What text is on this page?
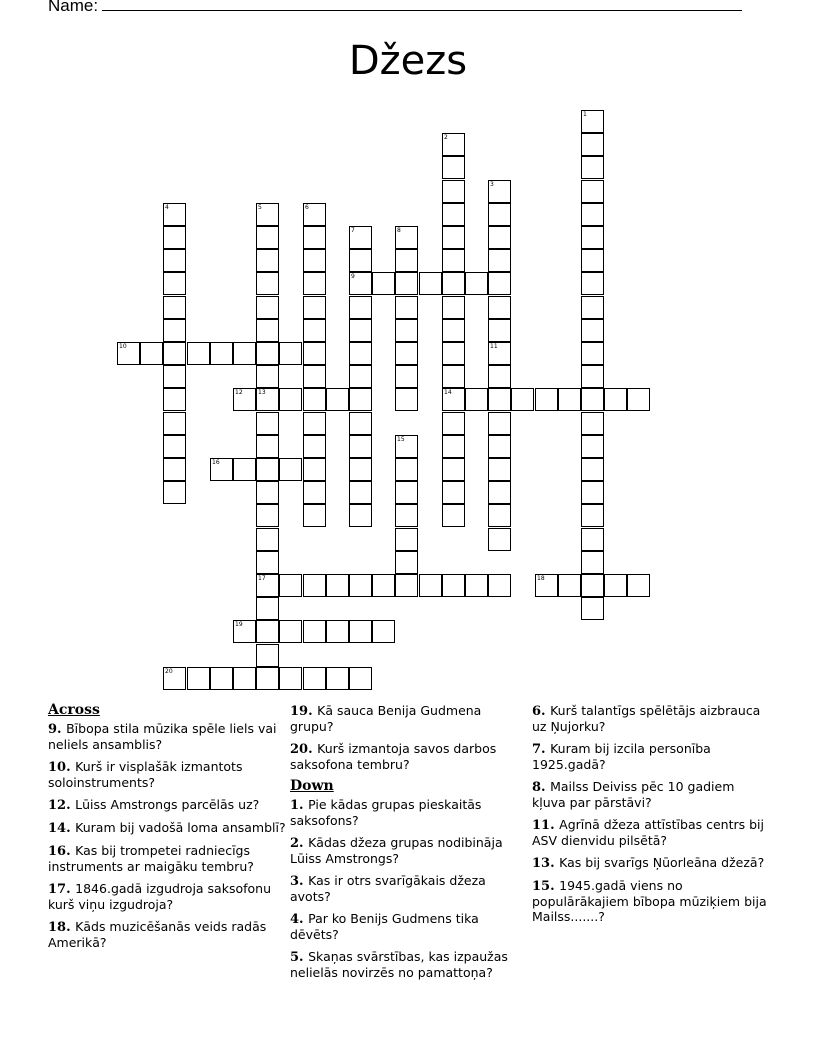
Name:
Džezs
1
2
14
3
11
4	5	6
7
9
8
10
12	13
17
15
16
18
19
20
Across

9. Bībopa stila mūzika spēle liels vai neliels ansamblis?

10. Kurš ir visplašāk izmantots soloinstruments?

12. Lūiss Amstrongs parcēlās uz?

14. Kuram bij vadošā loma ansamblī?

16. Kas bij trompetei radniecīgs instruments ar maigāku tembru?

17. 1846.gadā izgudroja saksofonu kurš viņu izgudroja?

18. Kāds muzicēšanās veids radās Amerikā?

19. Kā sauca Benija Gudmena grupu?

20. Kurš izmantoja savos darbos saksofona tembru?

Down

1. Pie kādas grupas pieskaitās saksofons?

2. Kādas džeza grupas nodibināja Lūiss Amstrongs?

3. Kas ir otrs svarīgākais džeza avots?

4. Par ko Benijs Gudmens tika dēvēts?

5. Skaņas svārstības, kas izpaužas nelielās novirzēs no pamattoņa?

6. Kurš talantīgs spēlētājs aizbrauca uz Ņujorku?

7. Kuram bij izcila personība 1925.gadā?

8. Mailss Deiviss pēc 10 gadiem kļuva par pārstāvi?

11. Agrīnā džeza attīstības centrs bij ASV dienvidu pilsētā?

13. Kas bij svarīgs Ņūorleāna džezā?

15. 1945.gadā viens no populārākajiem bībopa mūziķiem bija Mailss.......?
